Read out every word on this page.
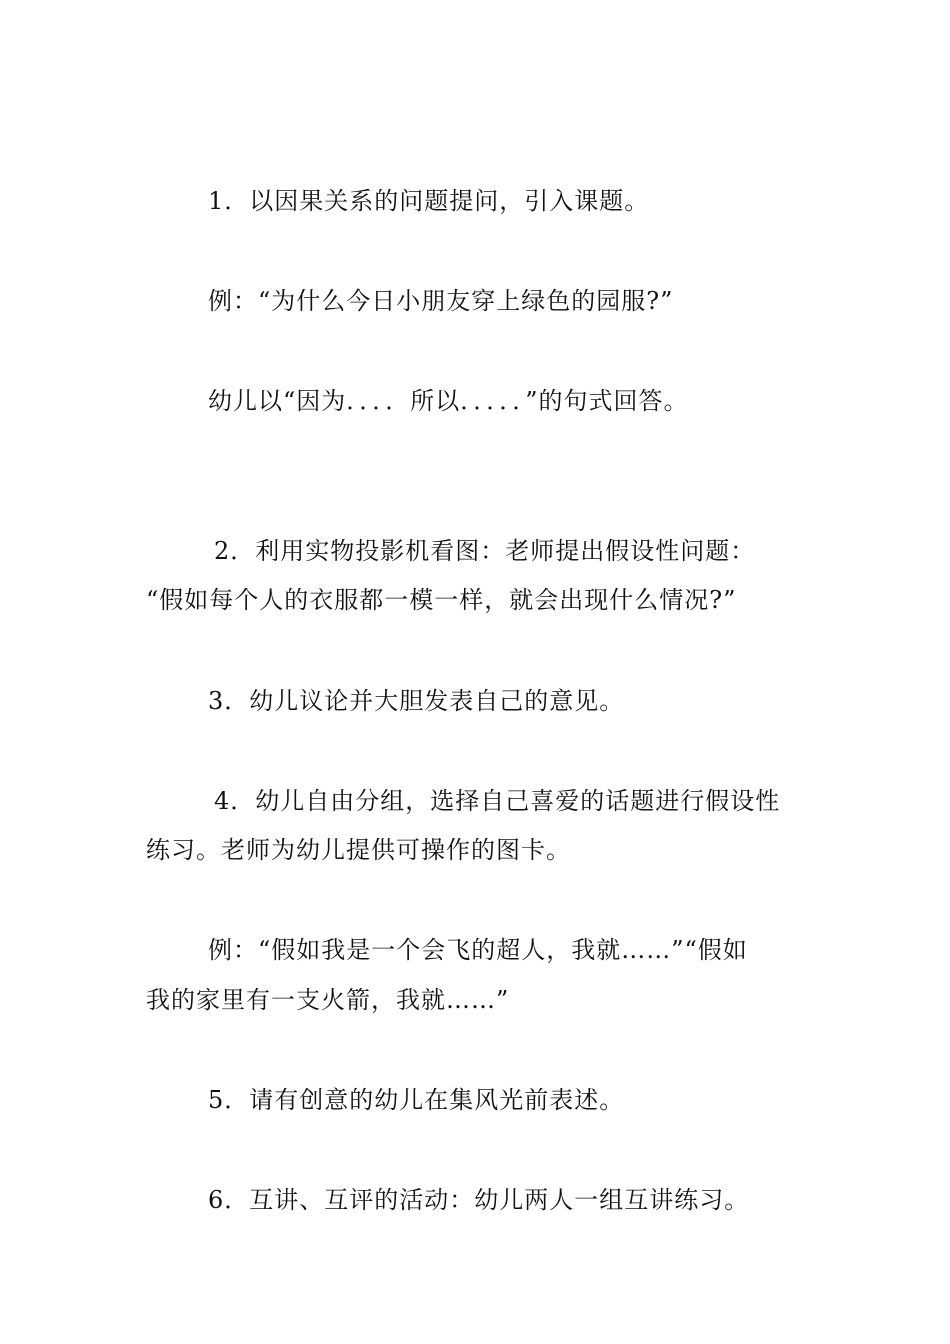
1．以因果关系的问题提问，引入课题。
例：“为什么今日小朋友穿上绿色的园服?”
幼儿以“因为．．．．所以．．．．．”的句式回答。
2．利用实物投影机看图：老师提出假设性问题：
“假如每个人的衣服都一模一样，就会出现什么情况?”
3．幼儿议论并大胆发表自己的意见。
4．幼儿自由分组，选择自己喜爱的话题进行假设性
练习。老师为幼儿提供可操作的图卡。
例：“假如我是一个会飞的超人，我就……”“假如
我的家里有一支火箭，我就……”
5．请有创意的幼儿在集风光前表述。
6．互讲、互评的活动：幼儿两人一组互讲练习。
